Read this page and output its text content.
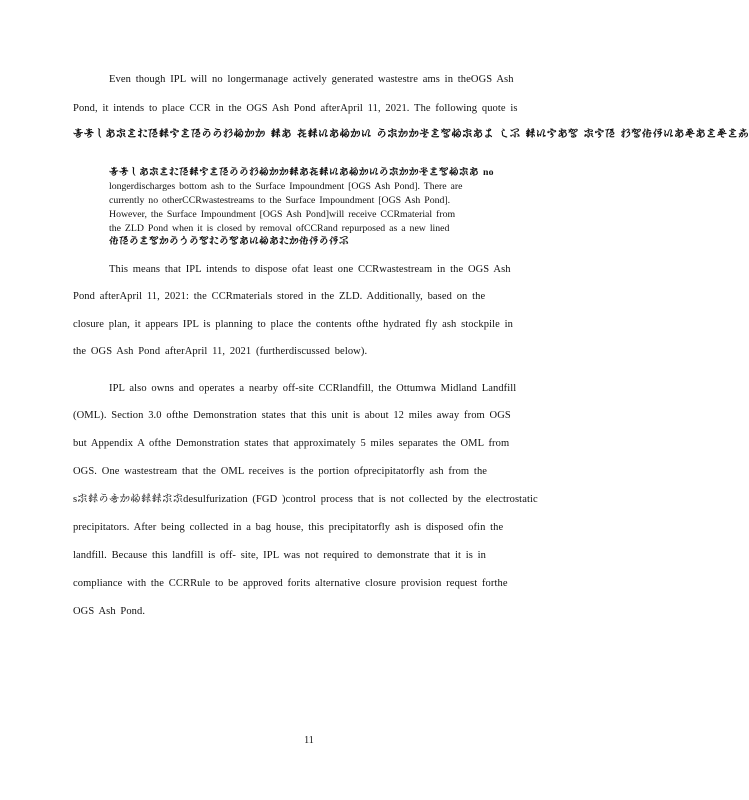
Even though IPL will no longermanage actively generated wastestre ams in theOGS Ash
Pond, it intends to place CCR in the OGS Ash Pond afterApril 11, 2021. The following quote is
𛁋𛁎𛁅𛀂𛀢𛀈𛀕𛀖𛀤𛀋𛀈𛀖𛀙𛀙𛀨𛀉𛀘𛀘 𛀤𛀂 𛀣𛀤𛀆𛀂𛀉𛀘𛀆 𛀙𛀢𛀘𛀘𛀩𛀈𛀡𛀉𛀢𛀂𛀦 𛀒𛀟 𛀤𛀆𛀋𛀂𛀡 𛀢𛀋𛀖 𛀨𛀡𛀗𛀇𛀆𛀂𛀏𛀂𛀈𛀏𛀈𛀛
𛁋𛁎𛁅𛀂𛀢𛀈𛀕𛀖𛀤𛀋𛀈𛀖𛀙𛀙𛀨𛀉𛀘𛀘𛀤𛀂𛀣𛀤𛀆𛀂𛀉𛀘𛀆𛀙𛀢𛀘𛀘𛀩𛀈𛀡𛀉𛀢𛀂 no
longerdischarges bottom ash to the Surface Impoundment [OGS Ash Pond]. There are
currently no otherCCRwastestreams to the Surface Impoundment [OGS Ash Pond].
However, the Surface Impoundment [OGS Ash Pond]will receive CCRmaterial from
the ZLD Pond when it is closed by removal ofCCRand repurposed as a new lined
𛀗𛀖𛀙𛀈𛀡𛀘𛀙𛀚𛀙𛀡𛀕𛀙𛀡𛀂𛀆𛀉𛀂𛀕𛀘𛀗𛀇𛀙𛀇𛀟
This means that IPL intends to dispose ofat least one CCRwastestream in the OGS Ash
Pond afterApril 11, 2021: the CCRmaterials stored in the ZLD. Additionally, based on the
closure plan, it appears IPL is planning to place the contents ofthe hydrated fly ash stockpile in
the OGS Ash Pond afterApril 11, 2021 (furtherdiscussed below).
IPL also owns and operates a nearby off-site CCRlandfill, the Ottumwa Midland Landfill
(OML). Section 3.0 ofthe Demonstration states that this unit is about 12 miles away from OGS
but Appendix A ofthe Demonstration states that approximately 5 miles separates the OML from
OGS. One wastestream that the OML receives is the portion ofprecipitatorfly ash from the
s𛀢𛀤𛀙𛀠𛀘𛀉𛀤𛀤𛀢𛀢desulfurization (FGD )control process that is not collected by the electrostatic
precipitators. After being collected in a bag house, this precipitatorfly ash is disposed ofin the
landfill. Because this landfill is off- site, IPL was not required to demonstrate that it is in
compliance with the CCRRule to be approved forits alternative closure provision request forthe
OGS Ash Pond.
11
